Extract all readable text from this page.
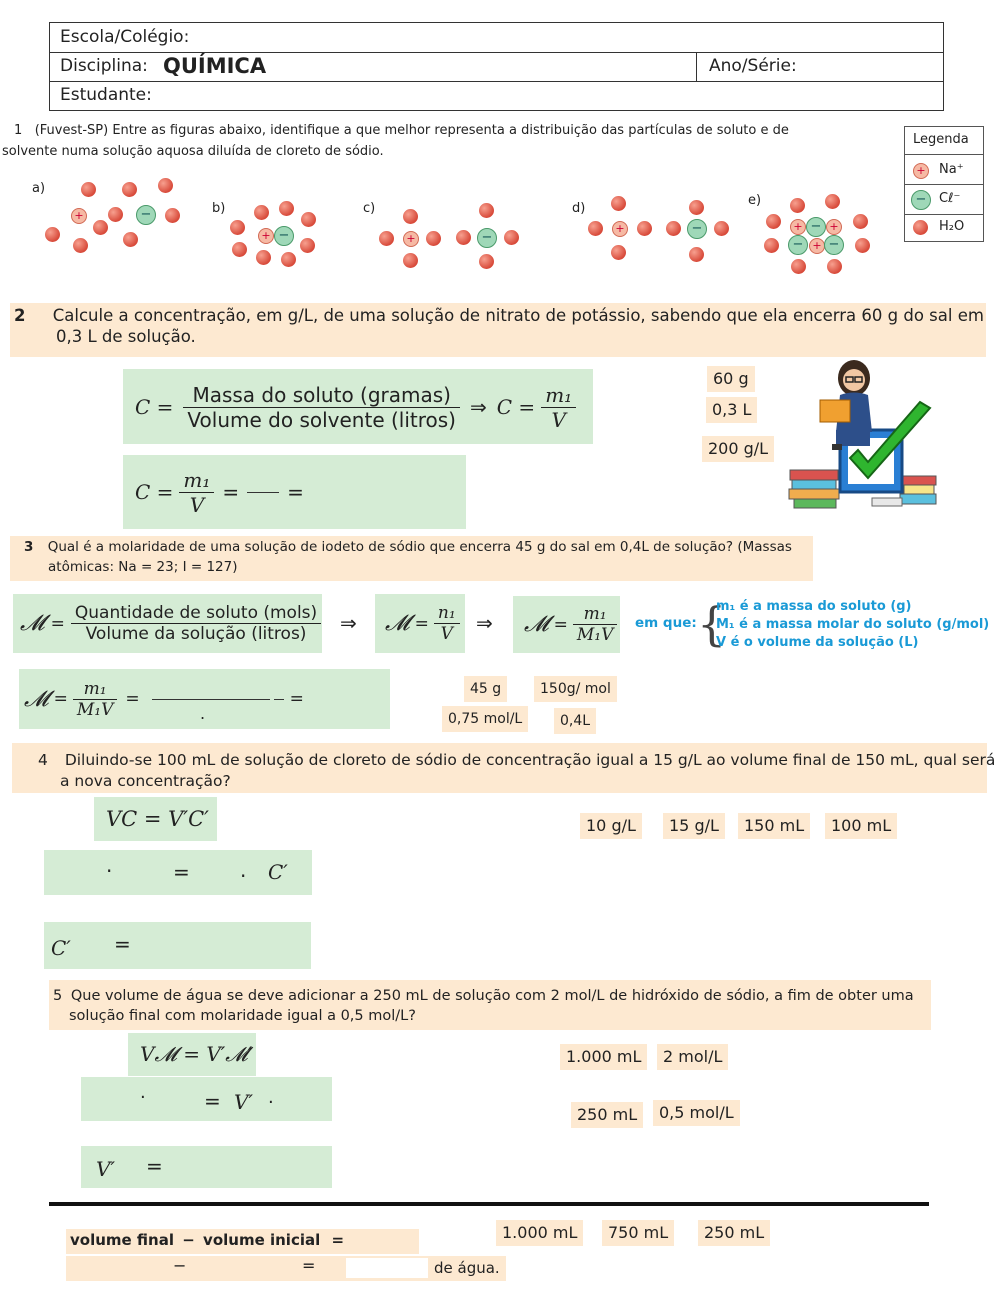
Escola/Colégio:
Disciplina: QUÍMICA	Ano/Série:
Estudante:
1 (Fuvest-SP) Entre as figuras abaixo, identifique a que melhor representa a distribuição das partículas de soluto e de
solvente numa solução aquosa diluída de cloreto de sódio.
a)
b)	c)	d)
e)
+	−
+ −	+	−
+	−	+ − +
− + −
Legenda
+ Na⁺
− Cℓ⁻
H₂O
2 Calcule a concentração, em g/L, de uma solução de nitrato de potássio, sabendo que ela encerra 60 g do sal em
0,3 L de solução.
$C = \frac{\text{Massa do soluto (gramas)}}{\text{Volume do solvente (litros)}}$ ⇒ $C = \frac{\text{m₁}}{V}$
$C = \frac{\text{m₁}}{V}$ = =
60 g
0,3 L
200 g/L
3 Qual é a molaridade de uma solução de iodeto de sódio que encerra 45 g do sal em 0,4L de solução? (Massas
atômicas: Na = 23; I = 127)
𝓜 = $\frac{\text{Quantidade de soluto (mols)}}{\text{Volume da solução (litros)}}$ ⇒ 𝓜 = $\frac{\text{n₁}}{V}$ ⇒ 𝓜 = $\frac{\text{m₁}}{\text{M₁V}}$ em que: {
m₁ é a massa do soluto (g)
M₁ é a massa molar do soluto (g/mol)
V é o volume da solução (L)
𝓜 = $\frac{\text{m₁}}{\text{M₁V}}$ =	=
.
45 g	150g/ mol
0,75 mol/L	0,4L
4 Diluindo-se 100 mL de solução de cloreto de sódio de concentração igual a 15 g/L ao volume final de 150 mL, qual será
a nova concentração?
VC = V′C′
·	=	. C′
C′ =
10 g/L	15 g/L	150 mL	100 mL
5 Que volume de água se deve adicionar a 250 mL de solução com 2 mol/L de hidróxido de sódio, a fim de obter uma
solução final com molaridade igual a 0,5 mol/L?
V𝓜 = V′𝓜′
·	= V′ .
V′ =
1.000 mL	2 mol/L
250 mL	0,5 mol/L
volume final − volume inicial =
−	=	de água.
1.000 mL	750 mL	250 mL
